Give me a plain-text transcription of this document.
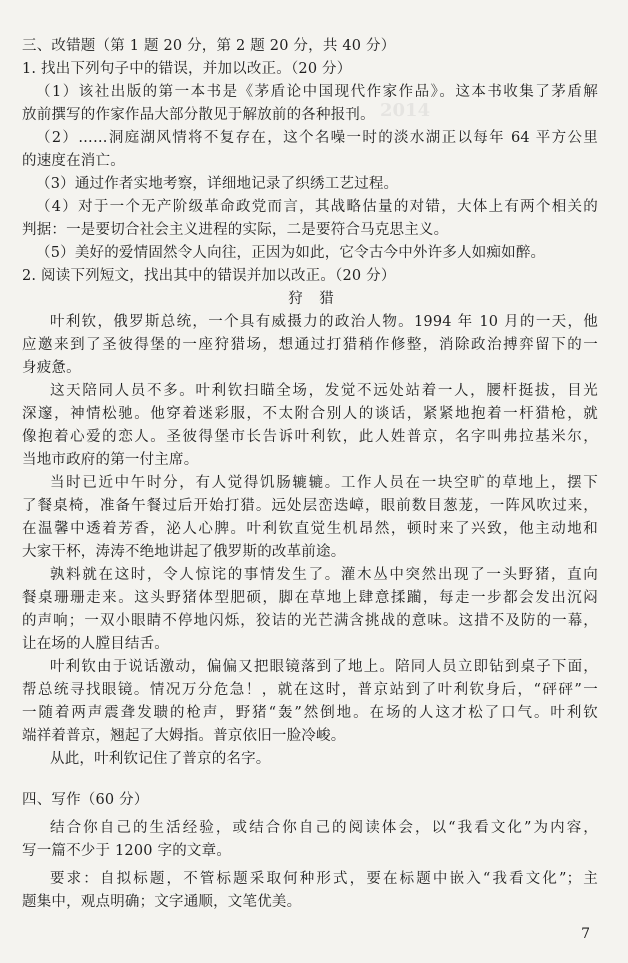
2014
三、改错题（第 1 题 20 分，第 2 题 20 分，共 40 分）
1. 找出下列句子中的错误，并加以改正。（20 分）
（1）该社出版的第一本书是《茅盾论中国现代作家作品》。这本书收集了茅盾解
放前撰写的作家作品大部分散见于解放前的各种报刊。
（2）……洞庭湖风情将不复存在，这个名噪一时的淡水湖正以每年 64 平方公里
的速度在消亡。
（3）通过作者实地考察，详细地记录了织绣工艺过程。
（4）对于一个无产阶级革命政党而言，其战略估量的对错，大体上有两个相关的
判据：一是要切合社会主义进程的实际，二是要符合马克思主义。
（5）美好的爱情固然令人向往，正因为如此，它令古今中外许多人如痴如醉。
2. 阅读下列短文，找出其中的错误并加以改正。（20 分）
狩 猎
叶利钦，俄罗斯总统，一个具有威摄力的政治人物。1994 年 10 月的一天，他
应邀来到了圣彼得堡的一座狩猎场，想通过打猎稍作修整，消除政治搏弈留下的一
身疲惫。
这天陪同人员不多。叶利钦扫瞄全场，发觉不远处站着一人，腰杆挺拔，目光
深邃，神情松驰。他穿着迷彩服，不太附合别人的谈话，紧紧地抱着一杆猎枪，就
像抱着心爱的恋人。圣彼得堡市长告诉叶利钦，此人姓普京，名字叫弗拉基米尔，
当地市政府的第一付主席。
当时已近中午时分，有人觉得饥肠辘辘。工作人员在一块空旷的草地上，摆下
了餐桌椅，准备午餐过后开始打猎。远处层峦迭嶂，眼前数目葱茏，一阵风吹过来，
在温馨中透着芳香，泌人心脾。叶利钦直觉生机昂然，顿时来了兴致，他主动地和
大家干杯，涛涛不绝地讲起了俄罗斯的改革前途。
孰料就在这时，令人惊诧的事情发生了。灌木丛中突然出现了一头野猪，直向
餐桌珊珊走来。这头野猪体型肥硕，脚在草地上肆意揉躏，每走一步都会发出沉闷
的声响；一双小眼睛不停地闪烁，狡诘的光芒满含挑战的意味。这措不及防的一幕，
让在场的人膛目结舌。
叶利钦由于说话激动，偏偏又把眼镜落到了地上。陪同人员立即钻到桌子下面，
帮总统寻找眼镜。情况万分危急！，就在这时，普京站到了叶利钦身后，“砰砰”一
一随着两声震聋发聩的枪声，野猪“轰”然倒地。在场的人这才松了口气。叶利钦
端祥着普京，翘起了大姆指。普京依旧一脸冷峻。
从此，叶利钦记住了普京的名字。
四、写作（60 分）
结合你自己的生活经验，或结合你自己的阅读体会，以“我看文化”为内容，
写一篇不少于 1200 字的文章。
要求：自拟标题，不管标题采取何种形式，要在标题中嵌入“我看文化”；主
题集中，观点明确；文字通顺，文笔优美。
7
